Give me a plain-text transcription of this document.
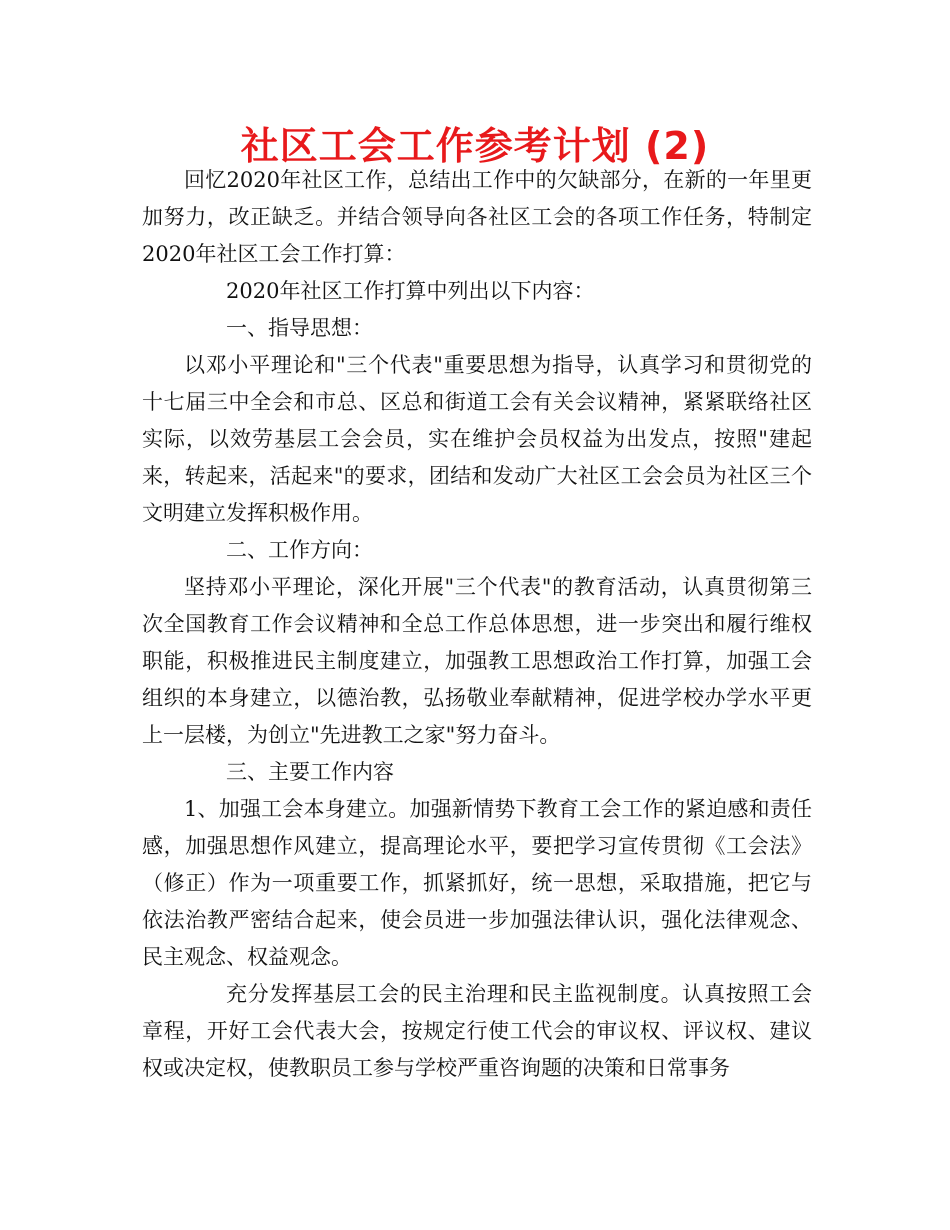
社区工会工作参考计划 (2)

回忆2020年社区工作，总结出工作中的欠缺部分，在新的一年里更加努力，改正缺乏。并结合领导向各社区工会的各项工作任务，特制定2020年社区工会工作打算：

2020年社区工作打算中列出以下内容：

一、指导思想：

以邓小平理论和"三个代表"重要思想为指导，认真学习和贯彻党的十七届三中全会和市总、区总和街道工会有关会议精神，紧紧联络社区实际，以效劳基层工会会员，实在维护会员权益为出发点，按照"建起来，转起来，活起来"的要求，团结和发动广大社区工会会员为社区三个文明建立发挥积极作用。

二、工作方向：

坚持邓小平理论，深化开展"三个代表"的教育活动，认真贯彻第三次全国教育工作会议精神和全总工作总体思想，进一步突出和履行维权职能，积极推进民主制度建立，加强教工思想政治工作打算，加强工会组织的本身建立，以德治教，弘扬敬业奉献精神，促进学校办学水平更上一层楼，为创立"先进教工之家"努力奋斗。

三、主要工作内容

1、加强工会本身建立。加强新情势下教育工会工作的紧迫感和责任感，加强思想作风建立，提高理论水平，要把学习宣传贯彻《工会法》（修正）作为一项重要工作，抓紧抓好，统一思想，采取措施，把它与依法治教严密结合起来，使会员进一步加强法律认识，强化法律观念、民主观念、权益观念。

充分发挥基层工会的民主治理和民主监视制度。认真按照工会章程，开好工会代表大会，按规定行使工代会的审议权、评议权、建议权或决定权，使教职员工参与学校严重咨询题的决策和日常事务
